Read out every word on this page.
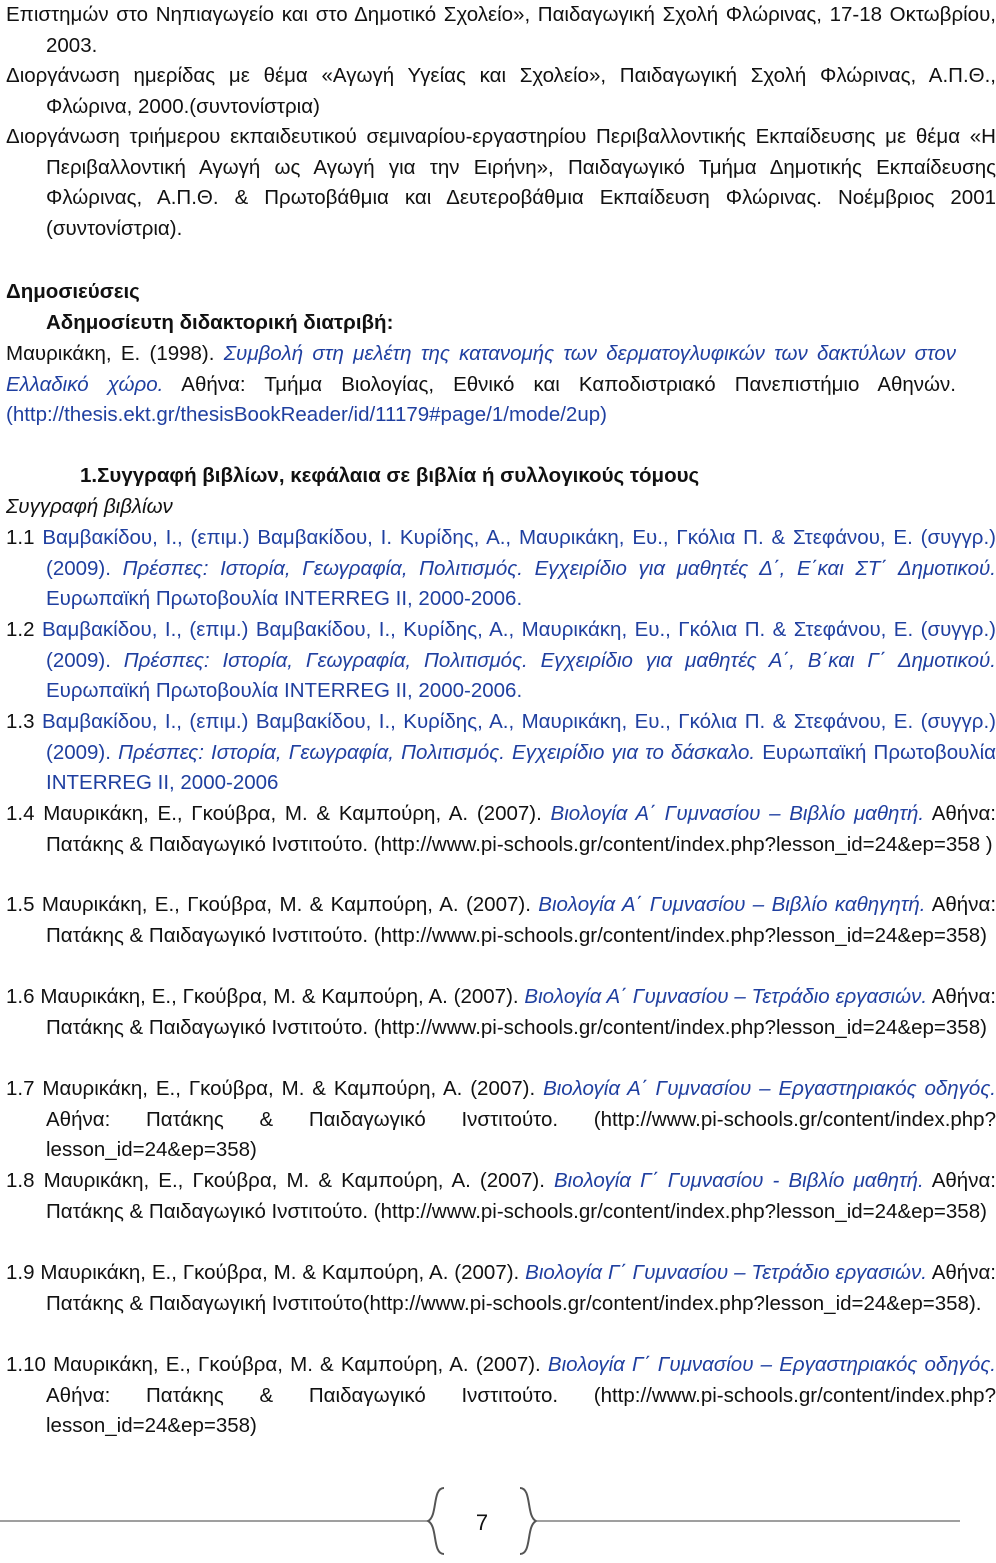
Επιστημών στο Νηπιαγωγείο και στο Δημοτικό Σχολείο», Παιδαγωγική Σχολή Φλώρινας, 17-18 Οκτωβρίου, 2003.
Διοργάνωση ημερίδας με θέμα «Αγωγή Υγείας και Σχολείο», Παιδαγωγική Σχολή Φλώρινας, Α.Π.Θ., Φλώρινα, 2000.(συντονίστρια)
Διοργάνωση τριήμερου εκπαιδευτικού σεμιναρίου-εργαστηρίου Περιβαλλοντικής Εκπαίδευσης με θέμα «Η Περιβαλλοντική Αγωγή ως Αγωγή για την Ειρήνη», Παιδαγωγικό Τμήμα Δημοτικής Εκπαίδευσης Φλώρινας, Α.Π.Θ. & Πρωτοβάθμια και Δευτεροβάθμια Εκπαίδευση Φλώρινας. Νοέμβριος 2001 (συντονίστρια).
Δημοσιεύσεις
Αδημοσίευτη διδακτορική διατριβή:
Μαυρικάκη, Ε. (1998). Συμβολή στη μελέτη της κατανομής των δερματογλυφικών των δακτύλων στον Ελλαδικό χώρο. Αθήνα: Τμήμα Βιολογίας, Εθνικό και Καποδιστριακό Πανεπιστήμιο Αθηνών.(http://thesis.ekt.gr/thesisBookReader/id/11179#page/1/mode/2up)
1.Συγγραφή βιβλίων, κεφάλαια σε βιβλία ή συλλογικούς τόμους
Συγγραφή βιβλίων
1.1 Βαμβακίδου, Ι., (επιμ.) Βαμβακίδου, Ι. Κυρίδης, Α., Μαυρικάκη, Ευ., Γκόλια Π. & Στεφάνου, Ε. (συγγρ.) (2009). Πρέσπες: Ιστορία, Γεωγραφία, Πολιτισμός. Εγχειρίδιο για μαθητές Δ΄, Ε΄και ΣΤ΄ Δημοτικού. Ευρωπαϊκή Πρωτοβουλία INTERREG II, 2000-2006.
1.2 Βαμβακίδου, Ι., (επιμ.) Βαμβακίδου, Ι., Κυρίδης, Α., Μαυρικάκη, Ευ., Γκόλια Π. & Στεφάνου, Ε. (συγγρ.) (2009). Πρέσπες: Ιστορία, Γεωγραφία, Πολιτισμός. Εγχειρίδιο για μαθητές Α΄, Β΄και Γ΄ Δημοτικού. Ευρωπαϊκή Πρωτοβουλία INTERREG II, 2000-2006.
1.3 Βαμβακίδου, Ι., (επιμ.) Βαμβακίδου, Ι., Κυρίδης, Α., Μαυρικάκη, Ευ., Γκόλια Π. & Στεφάνου, Ε. (συγγρ.) (2009). Πρέσπες: Ιστορία, Γεωγραφία, Πολιτισμός. Εγχειρίδιο για το δάσκαλο. Ευρωπαϊκή Πρωτοβουλία INTERREG II, 2000-2006
1.4 Μαυρικάκη, Ε., Γκούβρα, Μ. & Καμπούρη, Α. (2007). Βιολογία Α΄ Γυμνασίου – Βιβλίο μαθητή. Αθήνα: Πατάκης & Παιδαγωγικό Ινστιτούτο. (http://www.pi-schools.gr/content/index.php?lesson_id=24&ep=358 )
1.5 Μαυρικάκη, Ε., Γκούβρα, Μ. & Καμπούρη, Α. (2007). Βιολογία Α΄ Γυμνασίου – Βιβλίο καθηγητή. Αθήνα: Πατάκης & Παιδαγωγικό Ινστιτούτο. (http://www.pi-schools.gr/content/index.php?lesson_id=24&ep=358)
1.6 Μαυρικάκη, Ε., Γκούβρα, Μ. & Καμπούρη, Α. (2007). Βιολογία Α΄ Γυμνασίου – Τετράδιο εργασιών. Αθήνα: Πατάκης & Παιδαγωγικό Ινστιτούτο. (http://www.pi-schools.gr/content/index.php?lesson_id=24&ep=358)
1.7 Μαυρικάκη, Ε., Γκούβρα, Μ. & Καμπούρη, Α. (2007). Βιολογία Α΄ Γυμνασίου – Εργαστηριακός οδηγός. Αθήνα: Πατάκης & Παιδαγωγικό Ινστιτούτο. (http://www.pi-schools.gr/content/index.php?lesson_id=24&ep=358)
1.8 Μαυρικάκη, Ε., Γκούβρα, Μ. & Καμπούρη, Α. (2007). Βιολογία Γ΄ Γυμνασίου - Βιβλίο μαθητή. Αθήνα: Πατάκης & Παιδαγωγικό Ινστιτούτο. (http://www.pi-schools.gr/content/index.php?lesson_id=24&ep=358)
1.9 Μαυρικάκη, Ε., Γκούβρα, Μ. & Καμπούρη, Α. (2007). Βιολογία Γ΄ Γυμνασίου – Τετράδιο εργασιών. Αθήνα: Πατάκης & Παιδαγωγική Ινστιτούτο(http://www.pi-schools.gr/content/index.php?lesson_id=24&ep=358).
1.10 Μαυρικάκη, Ε., Γκούβρα, Μ. & Καμπούρη, Α. (2007). Βιολογία Γ΄ Γυμνασίου – Εργαστηριακός οδηγός. Αθήνα: Πατάκης & Παιδαγωγικό Ινστιτούτο. (http://www.pi-schools.gr/content/index.php?lesson_id=24&ep=358)
7
